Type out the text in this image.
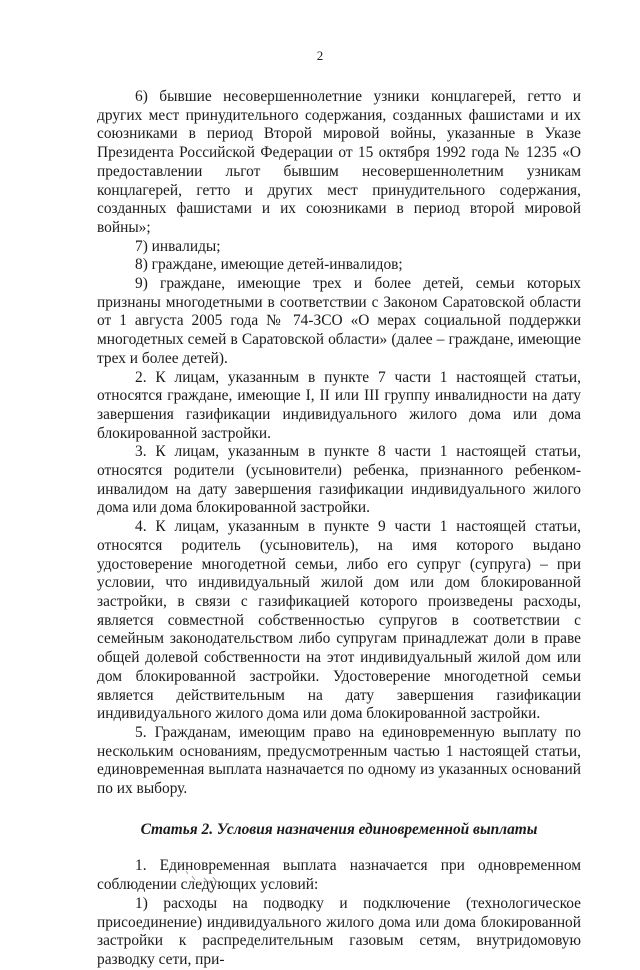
2

6) бывшие несовершеннолетние узники концлагерей, гетто и других мест принудительного содержания, созданных фашистами и их союзниками в период Второй мировой войны, указанные в Указе Президента Российской Федерации от 15 октября 1992 года № 1235 «О предоставлении льгот бывшим несовершеннолетним узникам концлагерей, гетто и других мест принудительного содержания, созданных фашистами и их союзниками в период второй мировой войны»;

7) инвалиды;

8) граждане, имеющие детей-инвалидов;

9) граждане, имеющие трех и более детей, семьи которых признаны многодетными в соответствии с Законом Саратовской области от 1 августа 2005 года № 74-ЗСО «О мерах социальной поддержки многодетных семей в Саратовской области» (далее – граждане, имеющие трех и более детей).

2. К лицам, указанным в пункте 7 части 1 настоящей статьи, относятся граждане, имеющие I, II или III группу инвалидности на дату завершения газификации индивидуального жилого дома или дома блокированной застройки.

3. К лицам, указанным в пункте 8 части 1 настоящей статьи, относятся родители (усыновители) ребенка, признанного ребенком-инвалидом на дату завершения газификации индивидуального жилого дома или дома блокированной застройки.

4. К лицам, указанным в пункте 9 части 1 настоящей статьи, относятся родитель (усыновитель), на имя которого выдано удостоверение многодетной семьи, либо его супруг (супруга) – при условии, что индивидуальный жилой дом или дом блокированной застройки, в связи с газификацией которого произведены расходы, является совместной собственностью супругов в соответствии с семейным законодательством либо супругам принадлежат доли в праве общей долевой собственности на этот индивидуальный жилой дом или дом блокированной застройки. Удостоверение многодетной семьи является действительным на дату завершения газификации индивидуального жилого дома или дома блокированной застройки.

5. Гражданам, имеющим право на единовременную выплату по нескольким основаниям, предусмотренным частью 1 настоящей статьи, единовременная выплата назначается по одному из указанных оснований по их выбору.

Статья 2. Условия назначения единовременной выплаты

1. Единовременная выплата назначается при одновременном соблюдении следующих условий:

1) расходы на подводку и подключение (технологическое присоединение) индивидуального жилого дома или дома блокированной застройки к распределительным газовым сетям, внутридомовую разводку сети, при-
